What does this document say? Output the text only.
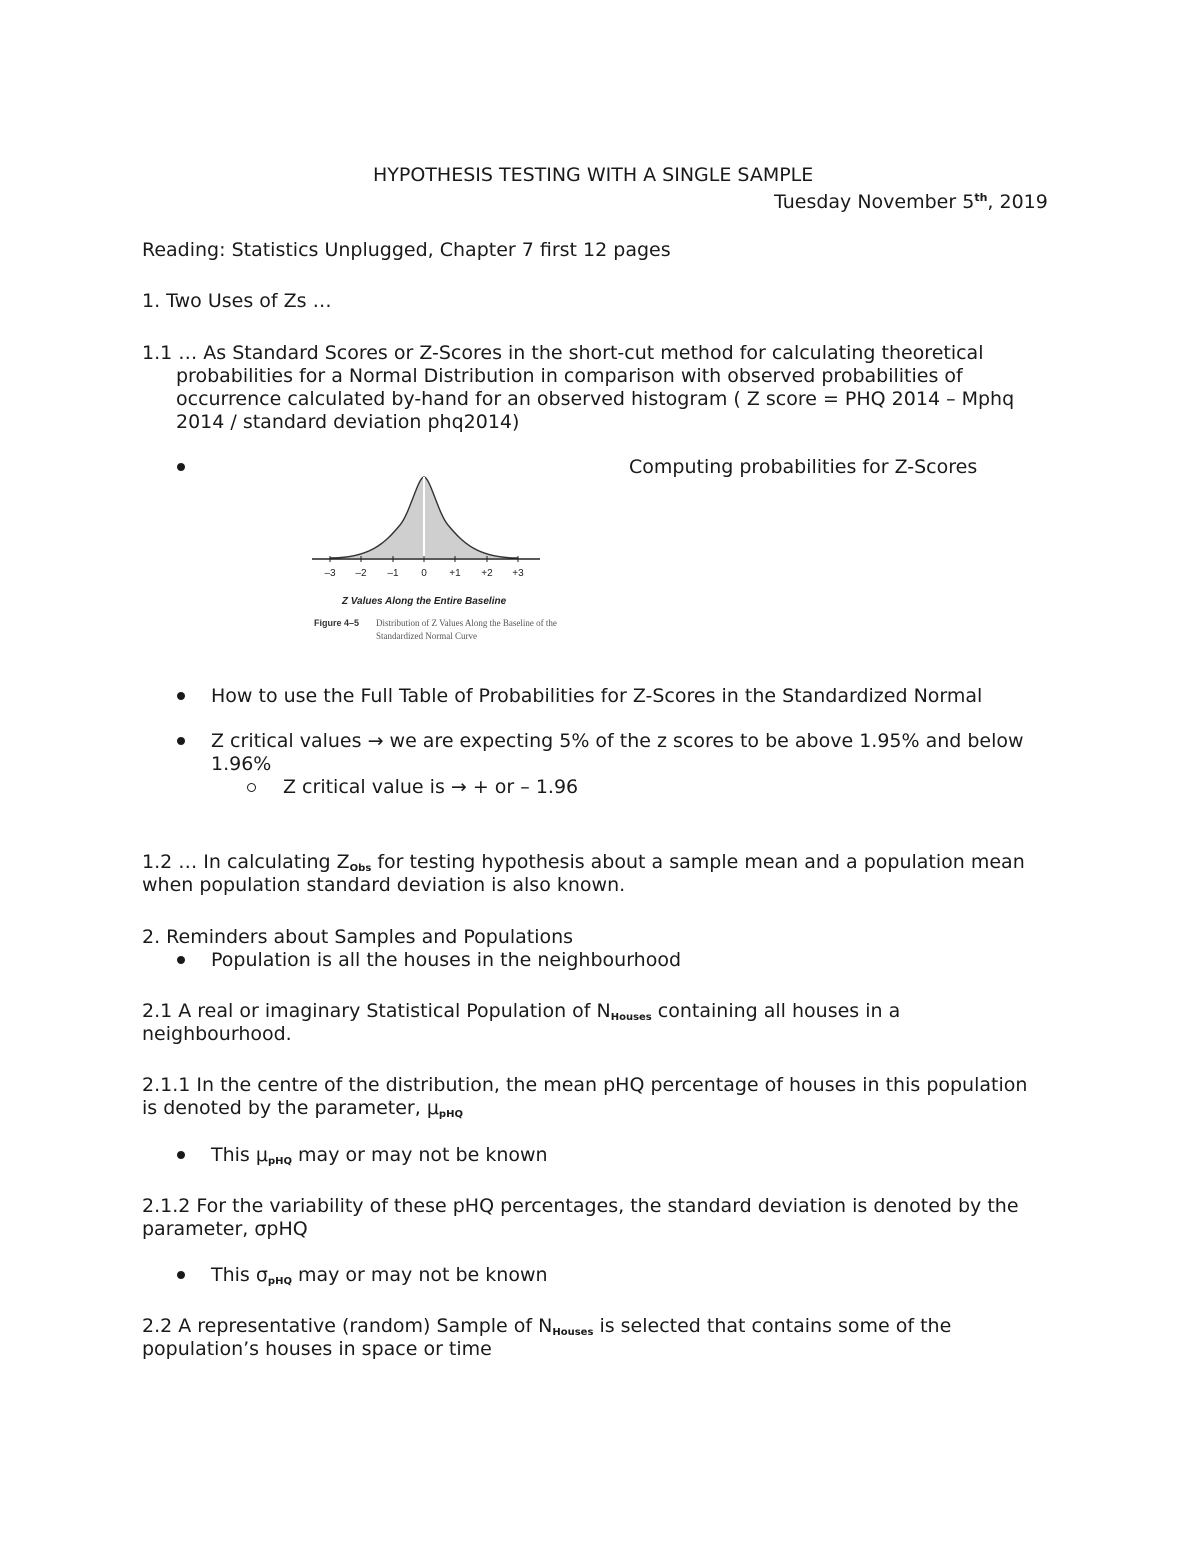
HYPOTHESIS TESTING WITH A SINGLE SAMPLE
Tuesday November 5th, 2019
Reading: Statistics Unplugged, Chapter 7 first 12 pages
1. Two Uses of Zs …
1.1 … As Standard Scores or Z-Scores in the short-cut method for calculating theoretical
probabilities for a Normal Distribution in comparison with observed probabilities of
occurrence calculated by-hand for an observed histogram ( Z score = PHQ 2014 – Mphq
2014 / standard deviation phq2014)
Computing probabilities for Z-Scores
–3 –2 –1 0 +1 +2 +3
Z Values Along the Entire Baseline
Figure 4–5 Distribution of Z Values Along the Baseline of the
Standardized Normal Curve
How to use the Full Table of Probabilities for Z-Scores in the Standardized Normal
Z critical values → we are expecting 5% of the z scores to be above 1.95% and below
1.96%
Z critical value is → + or – 1.96
1.2 … In calculating $Z_{Obs}$ for testing hypothesis about a sample mean and a population mean
when population standard deviation is also known.
2. Reminders about Samples and Populations
Population is all the houses in the neighbourhood
2.1 A real or imaginary Statistical Population of $N_{Houses}$ containing all houses in a
neighbourhood.
2.1.1 In the centre of the distribution, the mean pHQ percentage of houses in this population
is denoted by the parameter, $\mu_{pHQ}$
This $\mu_{pHQ}$ may or may not be known
2.1.2 For the variability of these pHQ percentages, the standard deviation is denoted by the
parameter, σpHQ
This $\sigma_{pHQ}$ may or may not be known
2.2 A representative (random) Sample of $N_{Houses}$ is selected that contains some of the
population’s houses in space or time
